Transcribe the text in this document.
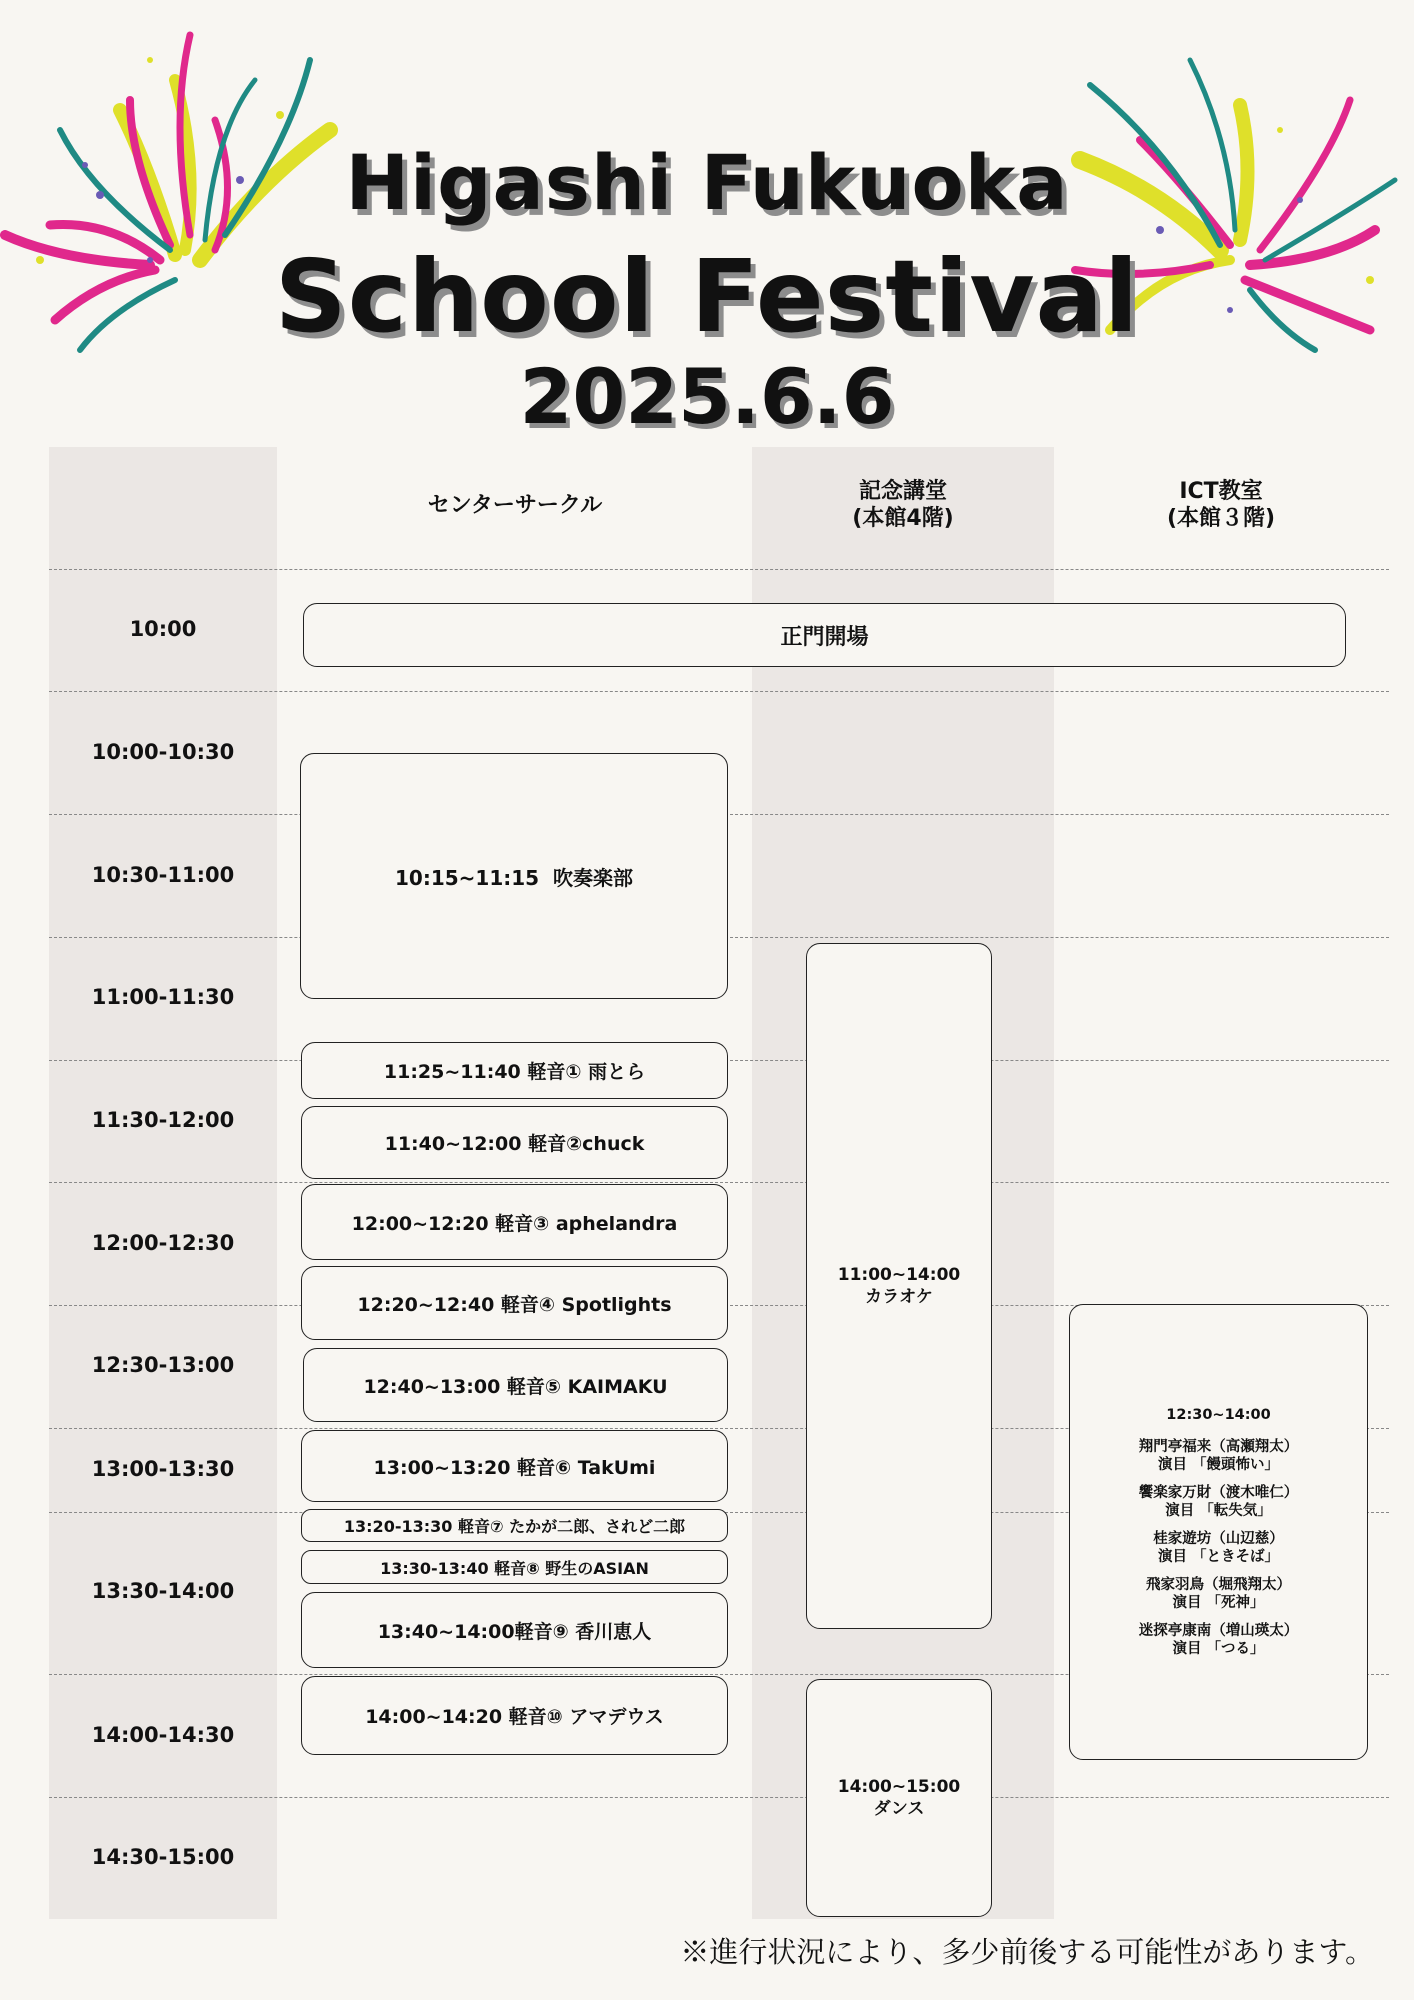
Higashi Fukuoka
School Festival
2025.6.6
センターサークル
記念講堂
(本館4階)
ICT教室
(本館３階)
10:00
10:00-10:30
10:30-11:00
11:00-11:30
11:30-12:00
12:00-12:30
12:30-13:00
13:00-13:30
13:30-14:00
14:00-14:30
14:30-15:00
正門開場
10:15~11:15  吹奏楽部
11:25~11:40 軽音① 雨とら
11:40~12:00 軽音②chuck
12:00~12:20 軽音③ aphelandra
12:20~12:40 軽音④ Spotlights
12:40~13:00 軽音⑤ KAIMAKU
13:00~13:20 軽音⑥ TakUmi
13:20-13:30 軽音⑦ たかが二郎、されど二郎
13:30-13:40 軽音⑧ 野生のASIAN
13:40~14:00軽音⑨ 香川恵人
14:00~14:20 軽音⑩ アマデウス
11:00~14:00
カラオケ
14:00~15:00
ダンス
12:30~14:00
翔門亭福来（高瀬翔太）
演目 「饅頭怖い」
饗楽家万財（渡木唯仁）
演目 「転失気」
桂家遊坊（山辺慈）
演目 「ときそば」
飛家羽鳥（堀飛翔太）
演目 「死神」
迷探亭康南（増山瑛太）
演目 「つる」
※進行状況により、多少前後する可能性があります。
